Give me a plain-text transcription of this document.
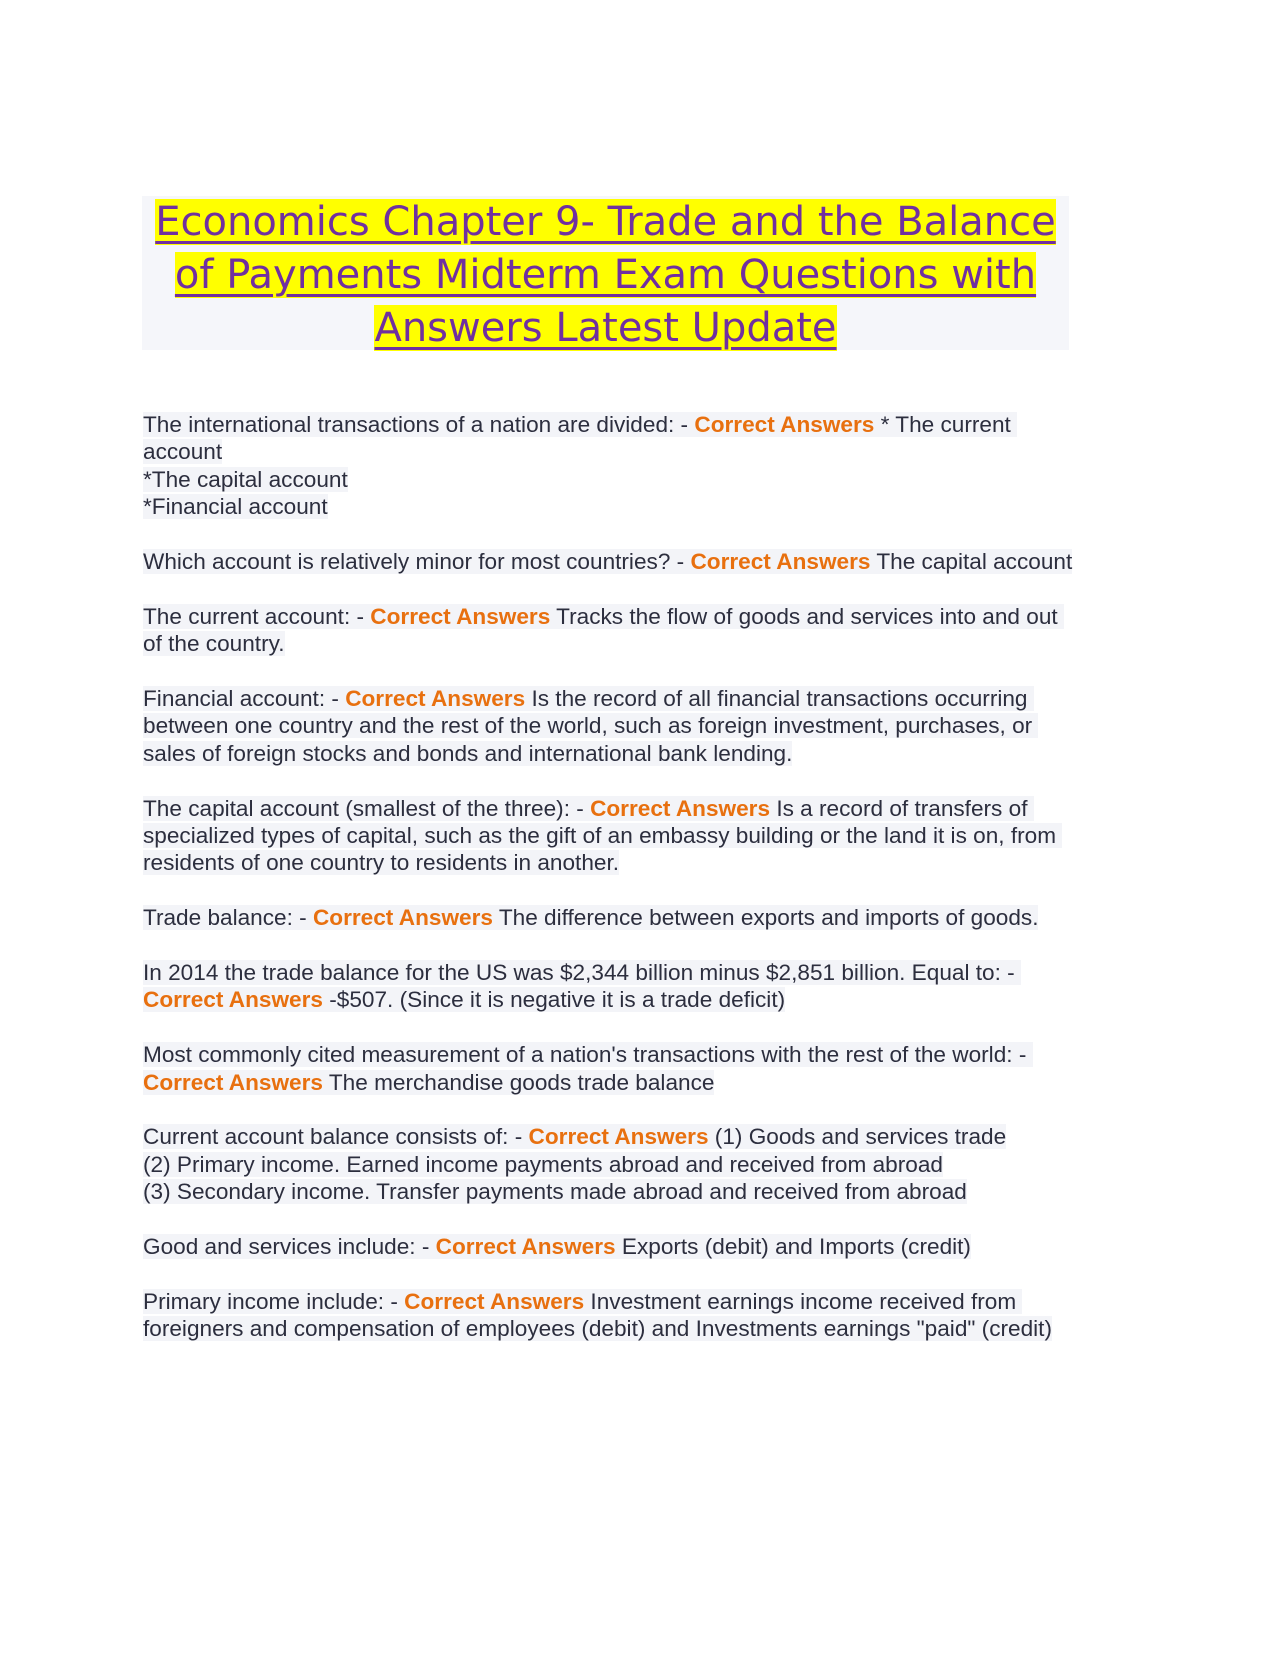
Economics Chapter 9- Trade and the Balance of Payments Midterm Exam Questions with Answers Latest Update

The international transactions of a nation are divided: - Correct Answers * The current account
*The capital account
*Financial account

Which account is relatively minor for most countries? - Correct Answers The capital account

The current account: - Correct Answers Tracks the flow of goods and services into and out of the country.

Financial account: - Correct Answers Is the record of all financial transactions occurring between one country and the rest of the world, such as foreign investment, purchases, or sales of foreign stocks and bonds and international bank lending.

The capital account (smallest of the three): - Correct Answers Is a record of transfers of specialized types of capital, such as the gift of an embassy building or the land it is on, from residents of one country to residents in another.

Trade balance: - Correct Answers The difference between exports and imports of goods.

In 2014 the trade balance for the US was $2,344 billion minus $2,851 billion. Equal to: - Correct Answers -$507. (Since it is negative it is a trade deficit)

Most commonly cited measurement of a nation's transactions with the rest of the world: - Correct Answers The merchandise goods trade balance

Current account balance consists of: - Correct Answers (1) Goods and services trade
(2) Primary income. Earned income payments abroad and received from abroad
(3) Secondary income. Transfer payments made abroad and received from abroad

Good and services include: - Correct Answers Exports (debit) and Imports (credit)

Primary income include: - Correct Answers Investment earnings income received from foreigners and compensation of employees (debit) and Investments earnings "paid" (credit)
